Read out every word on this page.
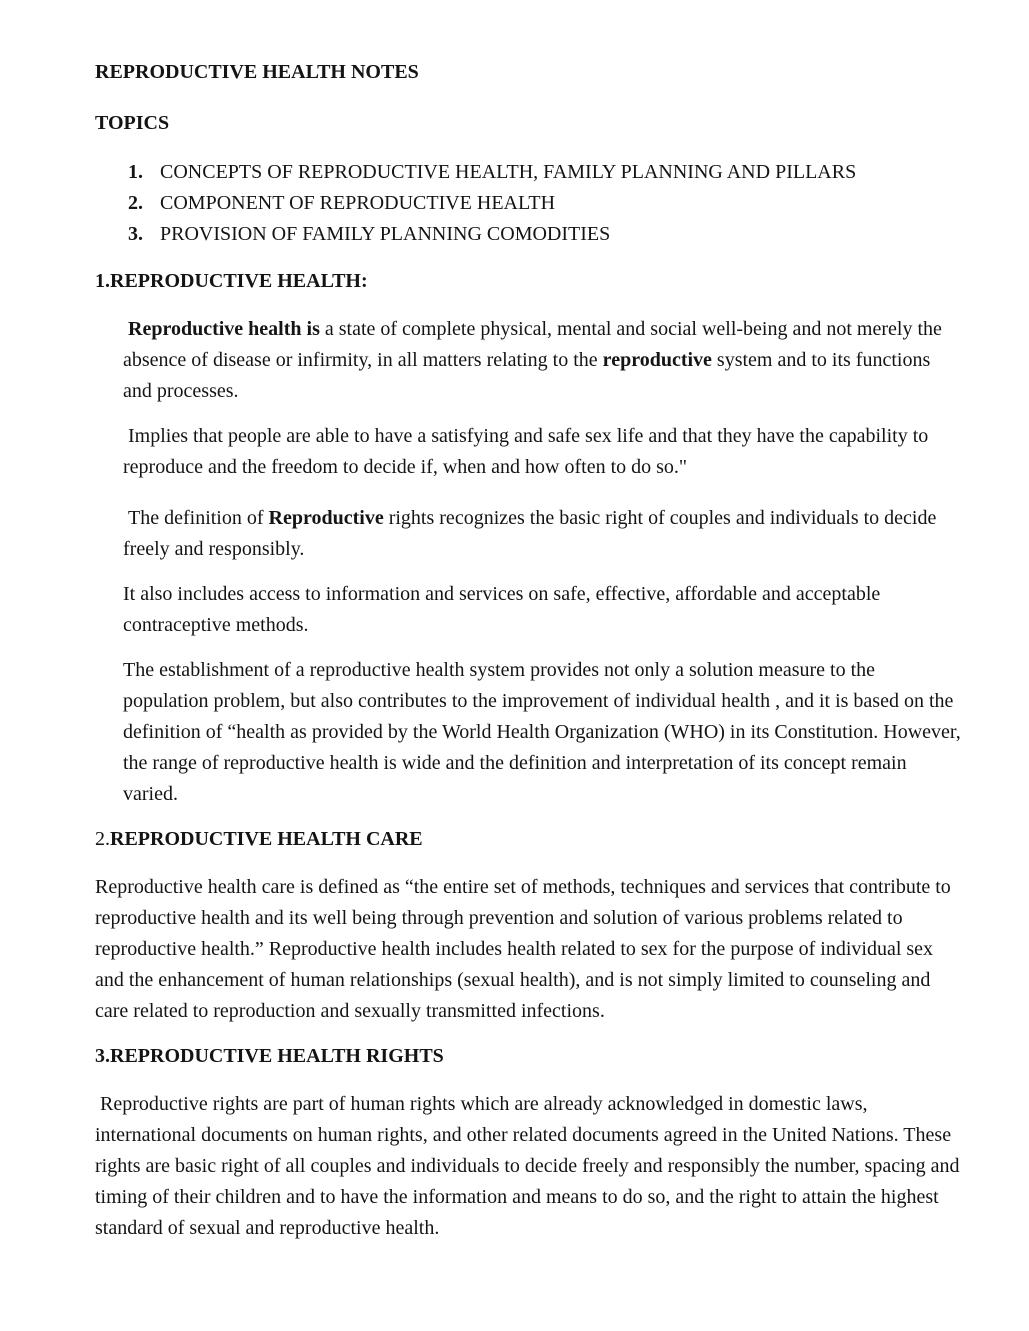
REPRODUCTIVE HEALTH NOTES
TOPICS
1. CONCEPTS OF REPRODUCTIVE HEALTH, FAMILY PLANNING AND PILLARS
2. COMPONENT OF REPRODUCTIVE HEALTH
3. PROVISION OF FAMILY PLANNING COMODITIES
1.REPRODUCTIVE HEALTH:

Reproductive health is a state of complete physical, mental and social well-being and not merely the absence of disease or infirmity, in all matters relating to the reproductive system and to its functions and processes.

Implies that people are able to have a satisfying and safe sex life and that they have the capability to reproduce and the freedom to decide if, when and how often to do so."

The definition of Reproductive rights recognizes the basic right of couples and individuals to decide freely and responsibly.

It also includes access to information and services on safe, effective, affordable and acceptable contraceptive methods.

The establishment of a reproductive health system provides not only a solution measure to the population problem, but also contributes to the improvement of individual health , and it is based on the definition of “health as provided by the World Health Organization (WHO) in its Constitution. However, the range of reproductive health is wide and the definition and interpretation of its concept remain varied.

2.REPRODUCTIVE HEALTH CARE

Reproductive health care is defined as “the entire set of methods, techniques and services that contribute to reproductive health and its well being through prevention and solution of various problems related to reproductive health.” Reproductive health includes health related to sex for the purpose of individual sex and the enhancement of human relationships (sexual health), and is not simply limited to counseling and care related to reproduction and sexually transmitted infections.

3.REPRODUCTIVE HEALTH RIGHTS

Reproductive rights are part of human rights which are already acknowledged in domestic laws, international documents on human rights, and other related documents agreed in the United Nations. These rights are basic right of all couples and individuals to decide freely and responsibly the number, spacing and timing of their children and to have the information and means to do so, and the right to attain the highest standard of sexual and reproductive health.
